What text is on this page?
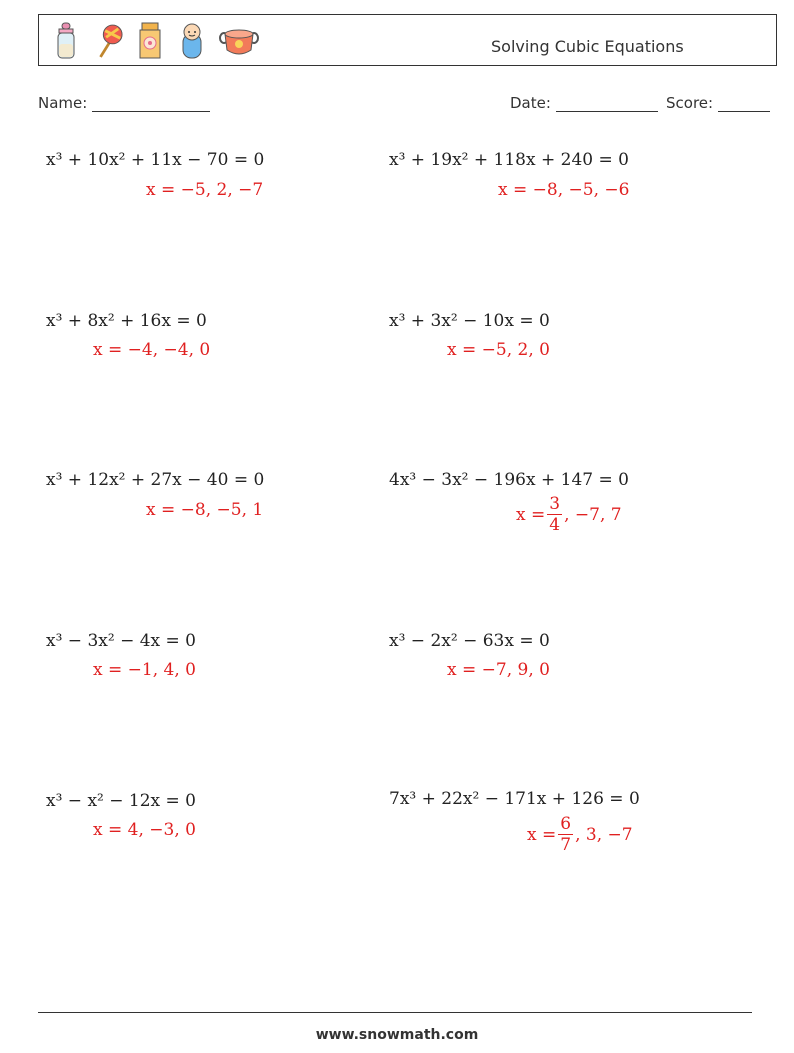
Solving Cubic Equations
Name:	Date:	Score:
x³ + 10x² + 11x − 70 = 0
x = −5, 2, −7
x³ + 19x² + 118x + 240 = 0
x = −8, −5, −6
x³ + 8x² + 16x = 0
x = −4, −4, 0
x³ + 3x² − 10x = 0
x = −5, 2, 0
x³ + 12x² + 27x − 40 = 0
x = −8, −5, 1
4x³ − 3x² − 196x + 147 = 0
$x = \frac{3}{4}$ , −7, 7
x³ − 3x² − 4x = 0
x = −1, 4, 0
x³ − 2x² − 63x = 0
x = −7, 9, 0
x³ − x² − 12x = 0
x = 4, −3, 0
7x³ + 22x² − 171x + 126 = 0
$x = \frac{6}{7}$ , 3, −7
www.snowmath.com
